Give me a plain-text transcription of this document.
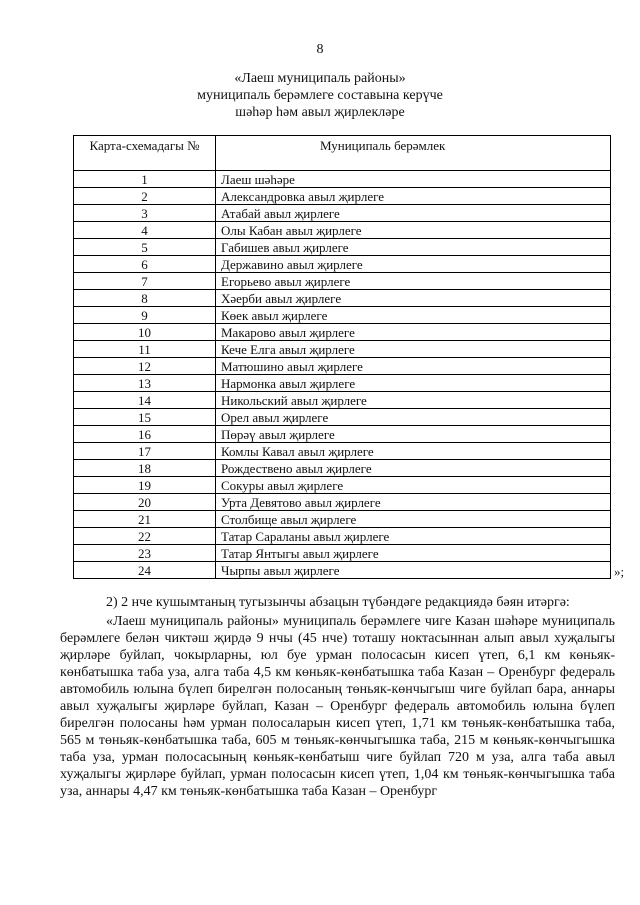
8
«Лаеш муниципаль районы»
муниципаль берәмлеге составына керүче
шәһәр һәм авыл җирлекләре
Карта-схемадагы №	Муниципаль берәмлек
1	Лаеш шәһәре
2	Александровка авыл җирлеге
3	Атабай авыл җирлеге
4	Олы Кабан авыл җирлеге
5	Габишев авыл җирлеге
6	Державино авыл җирлеге
7	Егорьево авыл җирлеге
8	Хәерби авыл җирлеге
9	Көек авыл җирлеге
10	Макарово авыл җирлеге
11	Кече Елга авыл җирлеге
12	Матюшино авыл җирлеге
13	Нармонка авыл җирлеге
14	Никольский авыл җирлеге
15	Орел авыл җирлеге
16	Пөрәү авыл җирлеге
17	Комлы Кавал авыл җирлеге
18	Рождествено авыл җирлеге
19	Сокуры авыл җирлеге
20	Урта Девятово авыл җирлеге
21	Столбище авыл җирлеге
22	Татар Сараланы авыл җирлеге
23	Татар Янтыгы авыл җирлеге
24	Чырпы авыл җирлеге	»;

2) 2 нче кушымтаның тугызынчы абзацын түбәндәге редакциядә бәян итәргә:

«Лаеш муниципаль районы» муниципаль берәмлеге чиге Казан шәһәре муниципаль берәмлеге белән чиктәш җирдә 9 нчы (45 нче) тоташу ноктасыннан алып авыл хуҗалыгы җирләре буйлап, чокырларны, юл буе урман полосасын кисеп үтеп, 6,1 км көньяк-көнбатышка таба уза, алга таба 4,5 км көньяк-көнбатышка таба Казан – Оренбург федераль автомобиль юлына бүлеп бирелгән полосаның төньяк-көнчыгыш чиге буйлап бара, аннары авыл хуҗалыгы җирләре буйлап, Казан – Оренбург федераль автомобиль юлына бүлеп бирелгән полосаны һәм урман полосаларын кисеп үтеп, 1,71 км төньяк-көнбатышка таба, 565 м төньяк-көнбатышка таба, 605 м төньяк-көнчыгышка таба, 215 м көньяк-көнчыгышка таба уза, урман полосасының көньяк-көнбатыш чиге буйлап 720 м уза, алга таба авыл хуҗалыгы җирләре буйлап, урман полосасын кисеп үтеп, 1,04 км төньяк-көнчыгышка таба уза, аннары 4,47 км төньяк-көнбатышка таба Казан – Оренбург
